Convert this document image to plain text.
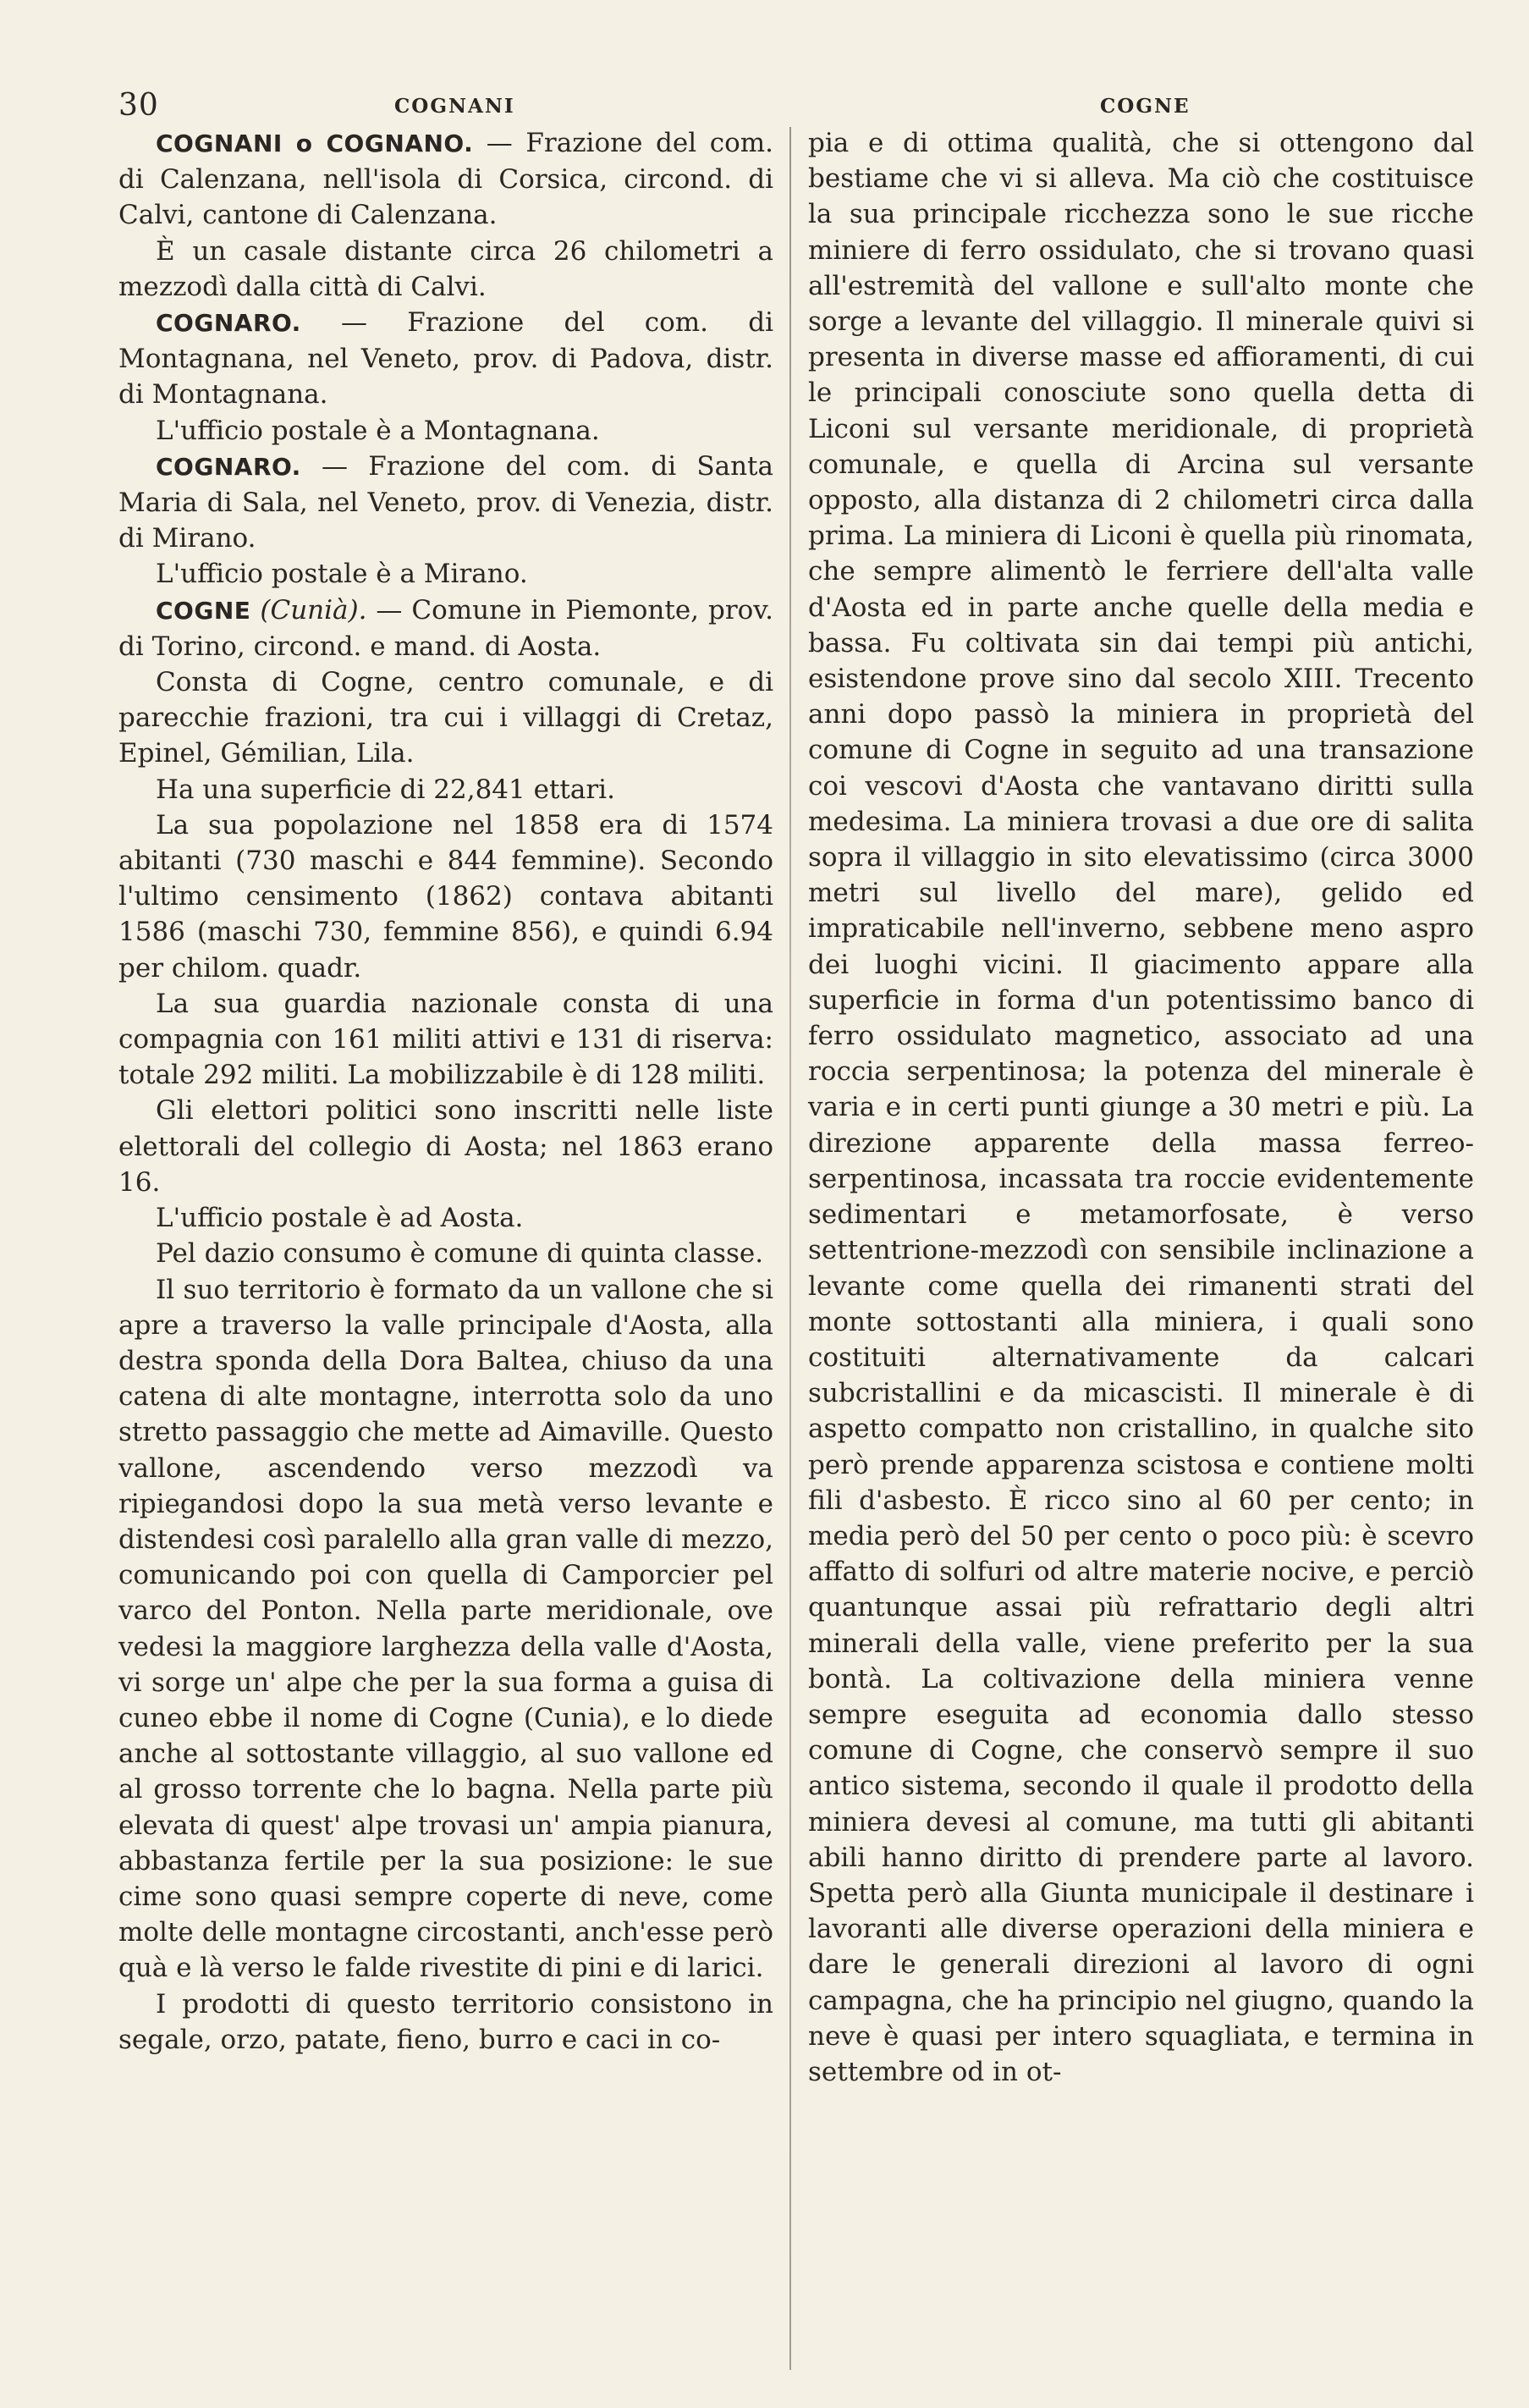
30	COGNANI	COGNE

COGNANI o COGNANO. — Frazione del com. di Calenzana, nell'isola di Corsica, circond. di Calvi, cantone di Calenzana.

È un casale distante circa 26 chilometri a mezzodì dalla città di Calvi.

COGNARO. — Frazione del com. di Montagnana, nel Veneto, prov. di Padova, distr. di Montagnana.

L'ufficio postale è a Montagnana.

COGNARO. — Frazione del com. di Santa Maria di Sala, nel Veneto, prov. di Venezia, distr. di Mirano.

L'ufficio postale è a Mirano.

COGNE (Cunià). — Comune in Piemonte, prov. di Torino, circond. e mand. di Aosta.

Consta di Cogne, centro comunale, e di parecchie frazioni, tra cui i villaggi di Cretaz, Epinel, Gémilian, Lila.

Ha una superficie di 22,841 ettari.

La sua popolazione nel 1858 era di 1574 abitanti (730 maschi e 844 femmine). Secondo l'ultimo censimento (1862) contava abitanti 1586 (maschi 730, femmine 856), e quindi 6.94 per chilom. quadr.

La sua guardia nazionale consta di una compagnia con 161 militi attivi e 131 di riserva: totale 292 militi. La mobilizzabile è di 128 militi.

Gli elettori politici sono inscritti nelle liste elettorali del collegio di Aosta; nel 1863 erano 16.

L'ufficio postale è ad Aosta.

Pel dazio consumo è comune di quinta classe.

Il suo territorio è formato da un vallone che si apre a traverso la valle principale d'Aosta, alla destra sponda della Dora Baltea, chiuso da una catena di alte montagne, interrotta solo da uno stretto passaggio che mette ad Aimaville. Questo vallone, ascendendo verso mezzodì va ripiegandosi dopo la sua metà verso levante e distendesi così paralello alla gran valle di mezzo, comunicando poi con quella di Camporcier pel varco del Ponton. Nella parte meridionale, ove vedesi la maggiore larghezza della valle d'Aosta, vi sorge un' alpe che per la sua forma a guisa di cuneo ebbe il nome di Cogne (Cunia), e lo diede anche al sottostante villaggio, al suo vallone ed al grosso torrente che lo bagna. Nella parte più elevata di quest' alpe trovasi un' ampia pianura, abbastanza fertile per la sua posizione: le sue cime sono quasi sempre coperte di neve, come molte delle montagne circostanti, anch'esse però quà e là verso le falde rivestite di pini e di larici.

I prodotti di questo territorio consistono in segale, orzo, patate, fieno, burro e caci in co-

pia e di ottima qualità, che si ottengono dal bestiame che vi si alleva. Ma ciò che costituisce la sua principale ricchezza sono le sue ricche miniere di ferro ossidulato, che si trovano quasi all'estremità del vallone e sull'alto monte che sorge a levante del villaggio. Il minerale quivi si presenta in diverse masse ed affioramenti, di cui le principali conosciute sono quella detta di Liconi sul versante meridionale, di proprietà comunale, e quella di Arcina sul versante opposto, alla distanza di 2 chilometri circa dalla prima. La miniera di Liconi è quella più rinomata, che sempre alimentò le ferriere dell'alta valle d'Aosta ed in parte anche quelle della media e bassa. Fu coltivata sin dai tempi più antichi, esistendone prove sino dal secolo XIII. Trecento anni dopo passò la miniera in proprietà del comune di Cogne in seguito ad una transazione coi vescovi d'Aosta che vantavano diritti sulla medesima. La miniera trovasi a due ore di salita sopra il villaggio in sito elevatissimo (circa 3000 metri sul livello del mare), gelido ed impraticabile nell'inverno, sebbene meno aspro dei luoghi vicini. Il giacimento appare alla superficie in forma d'un potentissimo banco di ferro ossidulato magnetico, associato ad una roccia serpentinosa; la potenza del minerale è varia e in certi punti giunge a 30 metri e più. La direzione apparente della massa ferreo-serpentinosa, incassata tra roccie evidentemente sedimentari e metamorfosate, è verso settentrione-mezzodì con sensibile inclinazione a levante come quella dei rimanenti strati del monte sottostanti alla miniera, i quali sono costituiti alternativamente da calcari subcristallini e da micascisti. Il minerale è di aspetto compatto non cristallino, in qualche sito però prende apparenza scistosa e contiene molti fili d'asbesto. È ricco sino al 60 per cento; in media però del 50 per cento o poco più: è scevro affatto di solfuri od altre materie nocive, e perciò quantunque assai più refrattario degli altri minerali della valle, viene preferito per la sua bontà. La coltivazione della miniera venne sempre eseguita ad economia dallo stesso comune di Cogne, che conservò sempre il suo antico sistema, secondo il quale il prodotto della miniera devesi al comune, ma tutti gli abitanti abili hanno diritto di prendere parte al lavoro. Spetta però alla Giunta municipale il destinare i lavoranti alle diverse operazioni della miniera e dare le generali direzioni al lavoro di ogni campagna, che ha principio nel giugno, quando la neve è quasi per intero squagliata, e termina in settembre od in ot-
